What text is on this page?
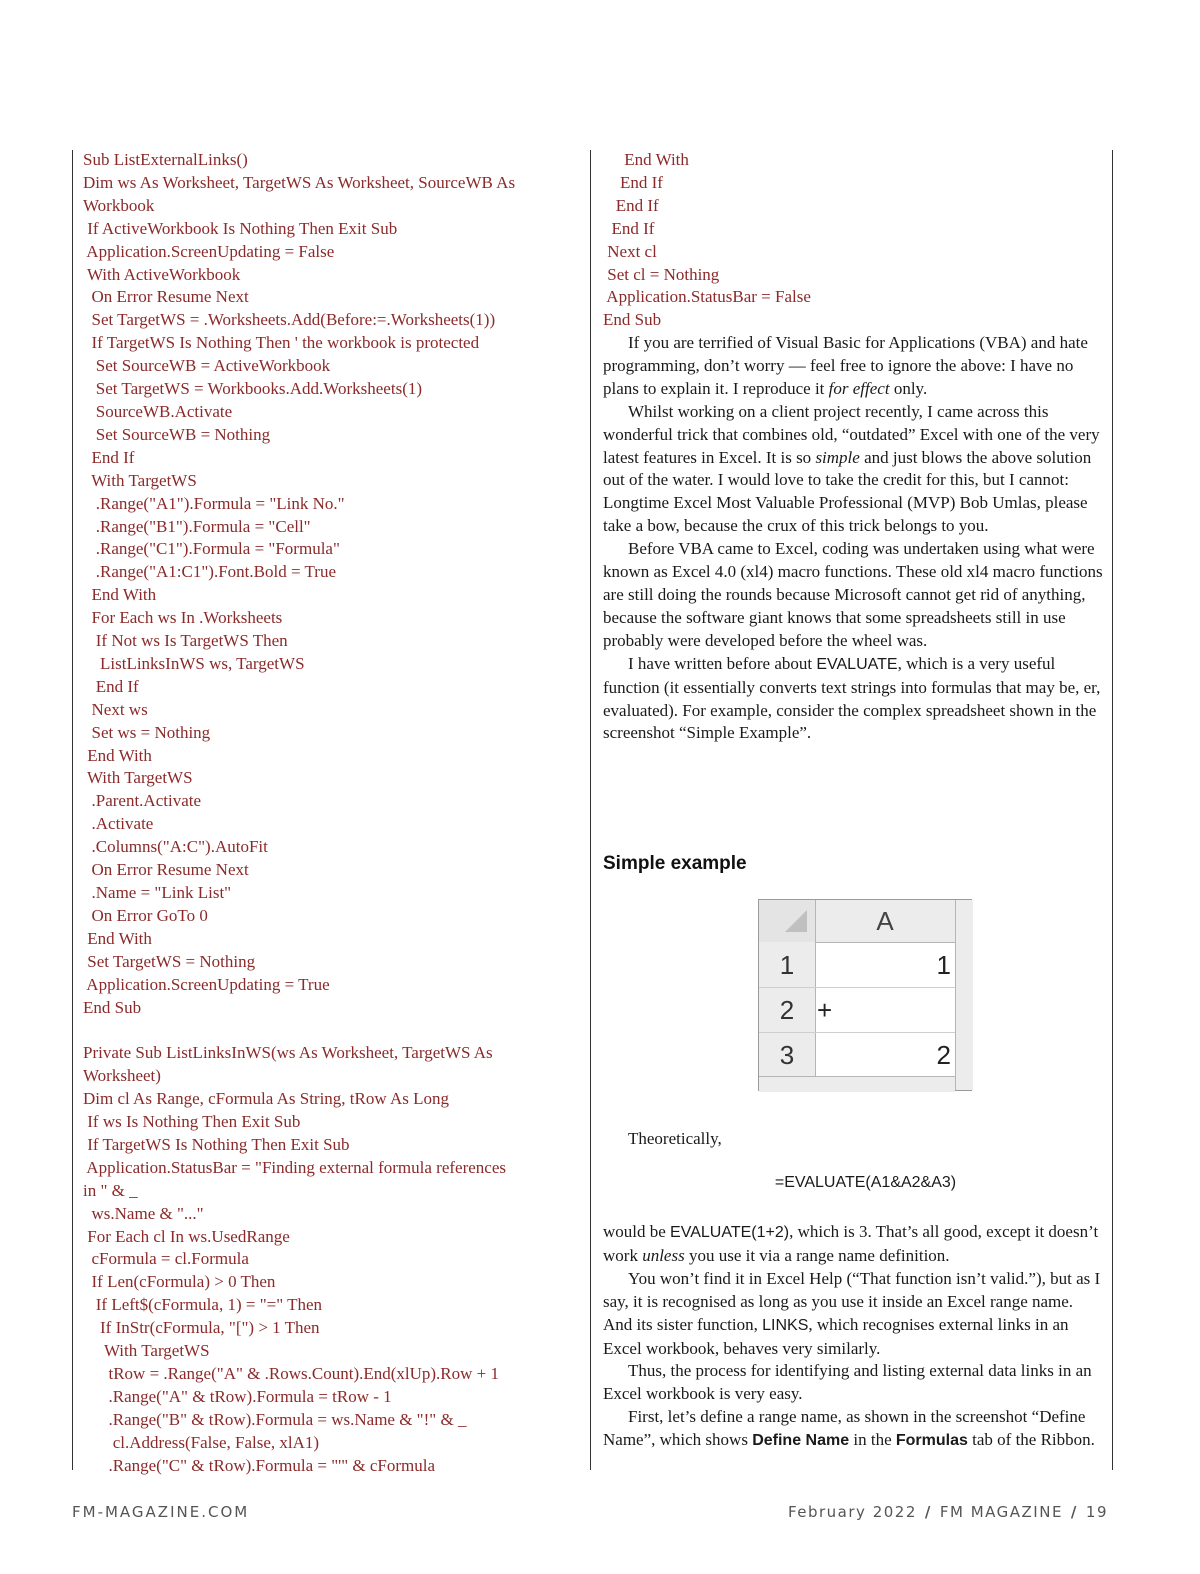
Sub ListExternalLinks()
Dim ws As Worksheet, TargetWS As Worksheet, SourceWB As
Workbook
If ActiveWorkbook Is Nothing Then Exit Sub
Application.ScreenUpdating = False
With ActiveWorkbook
On Error Resume Next
Set TargetWS = .Worksheets.Add(Before:=.Worksheets(1))
If TargetWS Is Nothing Then ' the workbook is protected
Set SourceWB = ActiveWorkbook
Set TargetWS = Workbooks.Add.Worksheets(1)
SourceWB.Activate
Set SourceWB = Nothing
End If
With TargetWS
.Range("A1").Formula = "Link No."
.Range("B1").Formula = "Cell"
.Range("C1").Formula = "Formula"
.Range("A1:C1").Font.Bold = True
End With
For Each ws In .Worksheets
If Not ws Is TargetWS Then
ListLinksInWS ws, TargetWS
End If
Next ws
Set ws = Nothing
End With
With TargetWS
.Parent.Activate
.Activate
.Columns("A:C").AutoFit
On Error Resume Next
.Name = "Link List"
On Error GoTo 0
End With
Set TargetWS = Nothing
Application.ScreenUpdating = True
End Sub
Private Sub ListLinksInWS(ws As Worksheet, TargetWS As
Worksheet)
Dim cl As Range, cFormula As String, tRow As Long
If ws Is Nothing Then Exit Sub
If TargetWS Is Nothing Then Exit Sub
Application.StatusBar = "Finding external formula references
in " & _
ws.Name & "..."
For Each cl In ws.UsedRange
cFormula = cl.Formula
If Len(cFormula) > 0 Then
If Left$(cFormula, 1) = "=" Then
If InStr(cFormula, "[") > 1 Then
With TargetWS
tRow = .Range("A" & .Rows.Count).End(xlUp).Row + 1
.Range("A" & tRow).Formula = tRow - 1
.Range("B" & tRow).Formula = ws.Name & "!" & _
cl.Address(False, False, xlA1)
.Range("C" & tRow).Formula = "'" & cFormula
End With
End If
End If
End If
Next cl
Set cl = Nothing
Application.StatusBar = False
End Sub

If you are terrified of Visual Basic for Applications (VBA) and hate programming, don’t worry — feel free to ignore the above: I have no plans to explain it. I reproduce it for effect only.

Whilst working on a client project recently, I came across this wonderful trick that combines old, “outdated” Excel with one of the very latest features in Excel. It is so simple and just blows the above solution out of the water. I would love to take the credit for this, but I cannot: Longtime Excel Most Valuable Professional (MVP) Bob Umlas, please take a bow, because the crux of this trick belongs to you.

Before VBA came to Excel, coding was undertaken using what were known as Excel 4.0 (xl4) macro functions. These old xl4 macro functions are still doing the rounds because Microsoft cannot get rid of anything, because the software giant knows that some spreadsheets still in use probably were developed before the wheel was.

I have written before about EVALUATE, which is a very useful function (it essentially converts text strings into formulas that may be, er, evaluated). For example, consider the complex spreadsheet shown in the screenshot “Simple Example”.

Simple example
A
1	1
2 +
3	2
Theoretically,
=EVALUATE(A1&A2&A3)

would be EVALUATE(1+2), which is 3. That’s all good, except it doesn’t work unless you use it via a range name definition.

You won’t find it in Excel Help (“That function isn’t valid.”), but as I say, it is recognised as long as you use it inside an Excel range name. And its sister function, LINKS, which recognises external links in an Excel workbook, behaves very similarly.

Thus, the process for identifying and listing external data links in an Excel workbook is very easy.

First, let’s define a range name, as shown in the screenshot “Define Name”, which shows Define Name in the Formulas tab of the Ribbon.

FM-MAGAZINE.COM	February 2022 / FM MAGAZINE / 19
